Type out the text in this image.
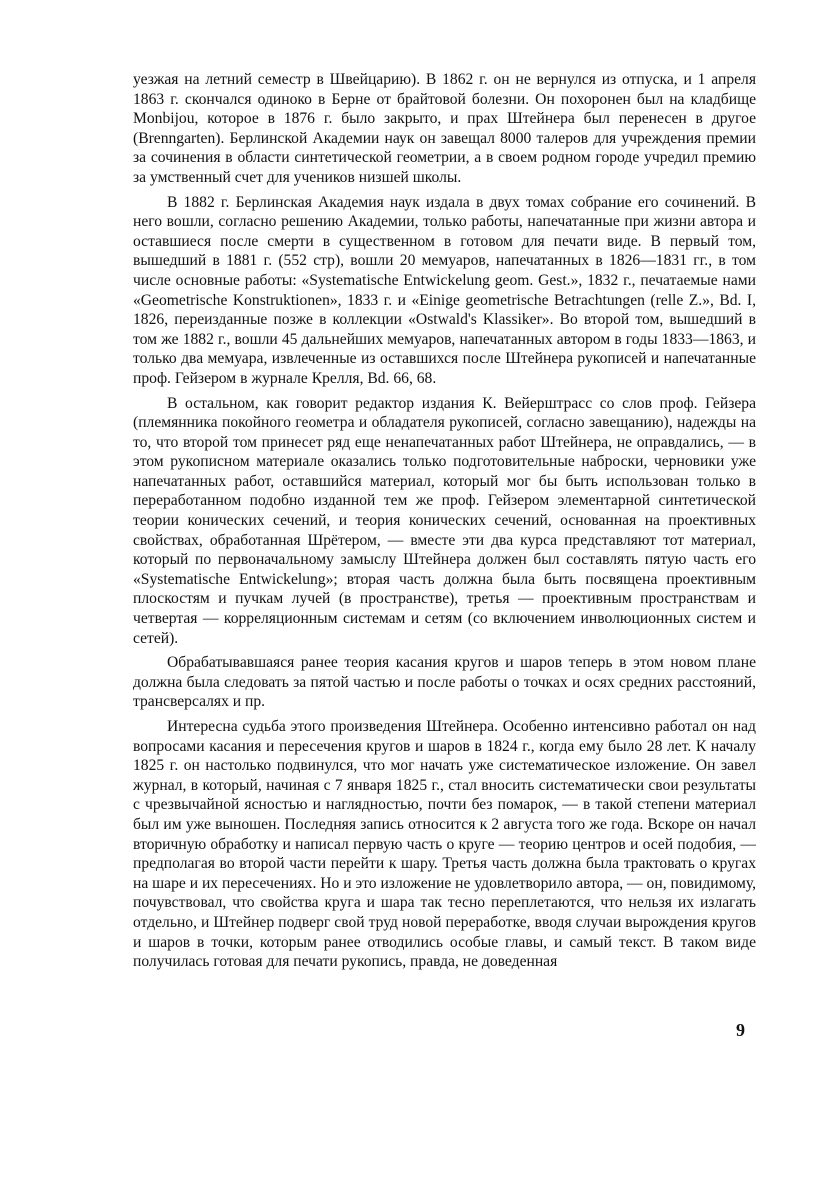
уезжая на летний семестр в Швейцарию). В 1862 г. он не вернулся из отпуска, и 1 апреля 1863 г. скончался одиноко в Берне от брайтовой болезни. Он похоронен был на кладбище Monbijou, которое в 1876 г. было закрыто, и прах Штейнера был перенесен в другое (Brenngarten). Берлинской Академии наук он завещал 8000 талеров для учреждения премии за сочинения в области синтетической геометрии, а в своем родном городе учредил премию за умственный счет для учеников низшей школы.

В 1882 г. Берлинская Академия наук издала в двух томах собрание его сочинений. В него вошли, согласно решению Академии, только работы, напечатанные при жизни автора и оставшиеся после смерти в существенном в готовом для печати виде. В первый том, вышедший в 1881 г. (552 стр), вошли 20 мемуаров, напечатанных в 1826—1831 гг., в том числе основные работы: «Systematische Entwickelung geom. Gest.», 1832 г., печатаемые нами «Geometrische Konstruktionen», 1833 г. и «Einige geometrische Betrachtungen (relle Z.», Bd. I, 1826, переизданные позже в коллекции «Ostwald's Klassiker». Во второй том, вышедший в том же 1882 г., вошли 45 дальнейших мемуаров, напечатанных автором в годы 1833—1863, и только два мемуара, извлеченные из оставшихся после Штейнера рукописей и напечатанные проф. Гейзером в журнале Крелля, Bd. 66, 68.

В остальном, как говорит редактор издания К. Вейерштрасс со слов проф. Гейзера (племянника покойного геометра и обладателя рукописей, согласно завещанию), надежды на то, что второй том принесет ряд еще ненапечатанных работ Штейнера, не оправдались, — в этом рукописном материале оказались только подготовительные наброски, черновики уже напечатанных работ, оставшийся материал, который мог бы быть использован только в переработанном подобно изданной тем же проф. Гейзером элементарной синтетической теории конических сечений, и теория конических сечений, основанная на проективных свойствах, обработанная Шрётером, — вместе эти два курса представляют тот материал, который по первоначальному замыслу Штейнера должен был составлять пятую часть его «Systematische Entwickelung»; вторая часть должна была быть посвящена проективным плоскостям и пучкам лучей (в пространстве), третья — проективным пространствам и четвертая — корреляционным системам и сетям (со включением инволюционных систем и сетей).

Обрабатывавшаяся ранее теория касания кругов и шаров теперь в этом новом плане должна была следовать за пятой частью и после работы о точках и осях средних расстояний, трансверсалях и пр.

Интересна судьба этого произведения Штейнера. Особенно интенсивно работал он над вопросами касания и пересечения кругов и шаров в 1824 г., когда ему было 28 лет. К началу 1825 г. он настолько подвинулся, что мог начать уже систематическое изложение. Он завел журнал, в который, начиная с 7 января 1825 г., стал вносить систематически свои результаты с чрезвычайной ясностью и наглядностью, почти без помарок, — в такой степени материал был им уже выношен. Последняя запись относится к 2 августа того же года. Вскоре он начал вторичную обработку и написал первую часть о круге — теорию центров и осей подобия, — предполагая во второй части перейти к шару. Третья часть должна была трактовать о кругах на шаре и их пересечениях. Но и это изложение не удовлетворило автора, — он, повидимому, почувствовал, что свойства круга и шара так тесно переплетаются, что нельзя их излагать отдельно, и Штейнер подверг свой труд новой переработке, вводя случаи вырождения кругов и шаров в точки, которым ранее отводились особые главы, и самый текст. В таком виде получилась готовая для печати рукопись, правда, не доведенная

9
